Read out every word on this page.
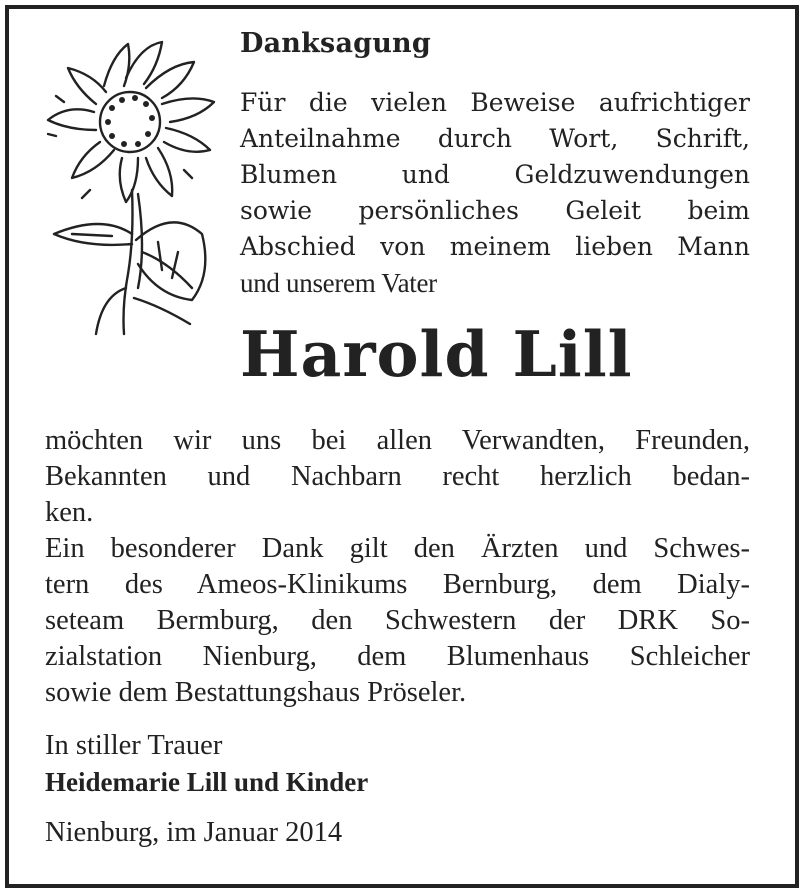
Danksagung
Für die vielen Beweise aufrichtiger
Anteilnahme durch Wort, Schrift,
Blumen und Geldzuwendungen
sowie persönliches Geleit beim
Abschied von meinem lieben Mann
und unserem Vater
Harold Lill
möchten wir uns bei allen Verwandten, Freunden,
Bekannten und Nachbarn recht herzlich bedan-
ken.
Ein besonderer Dank gilt den Ärzten und Schwes-
tern des Ameos-Klinikums Bernburg, dem Dialy-
seteam Bermburg, den Schwestern der DRK So-
zialstation Nienburg, dem Blumenhaus Schleicher
sowie dem Bestattungshaus Pröseler.
In stiller Trauer
Heidemarie Lill und Kinder
Nienburg, im Januar 2014
